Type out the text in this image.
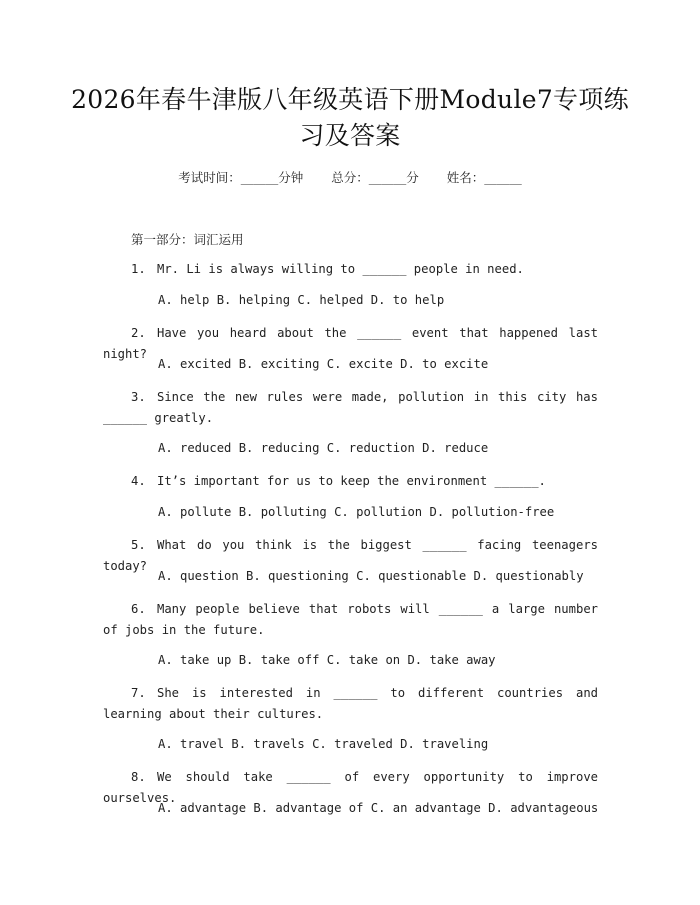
2026年春牛津版八年级英语下册Module7专项练习及答案
考试时间：______分钟 总分：______分 姓名：______
第一部分：词汇运用
1. Mr. Li is always willing to ______ people in need.
A. help B. helping C. helped D. to help
2. Have you heard about the ______ event that happened last night?
A. excited B. exciting C. excite D. to excite
3. Since the new rules were made, pollution in this city has ______ greatly.
A. reduced B. reducing C. reduction D. reduce
4. It’s important for us to keep the environment ______.
A. pollute B. polluting C. pollution D. pollution-free
5. What do you think is the biggest ______ facing teenagers today?
A. question B. questioning C. questionable D. questionably
6. Many people believe that robots will ______ a large number of jobs in the future.
A. take up B. take off C. take on D. take away
7. She is interested in ______ to different countries and learning about their cultures.
A. travel B. travels C. traveled D. traveling
8. We should take ______ of every opportunity to improve ourselves.
A. advantage B. advantage of C. an advantage D. advantageous
